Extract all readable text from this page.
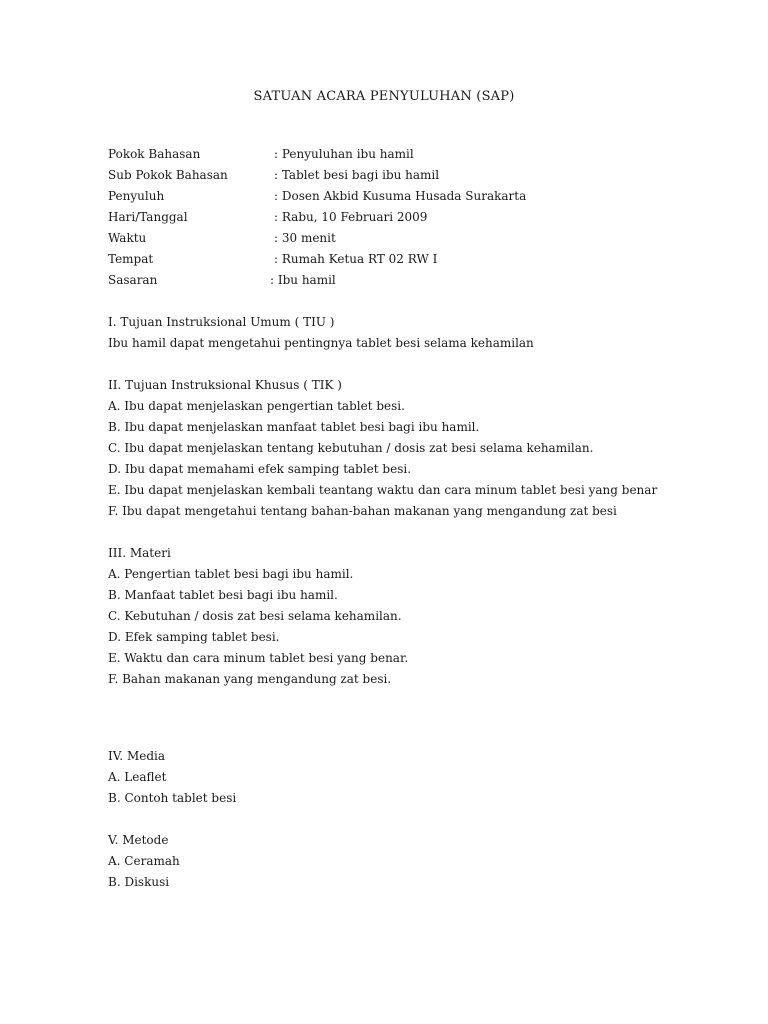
SATUAN ACARA PENYULUHAN (SAP)
Pokok Bahasan	: Penyuluhan ibu hamil
Sub Pokok Bahasan	: Tablet besi bagi ibu hamil
Penyuluh	: Dosen Akbid Kusuma Husada Surakarta
Hari/Tanggal	: Rabu, 10 Februari 2009
Waktu	: 30 menit
Tempat	: Rumah Ketua RT 02 RW I
Sasaran	: Ibu hamil
I. Tujuan Instruksional Umum ( TIU )
Ibu hamil dapat mengetahui pentingnya tablet besi selama kehamilan
II. Tujuan Instruksional Khusus ( TIK )
A. Ibu dapat menjelaskan pengertian tablet besi.
B. Ibu dapat menjelaskan manfaat tablet besi bagi ibu hamil.
C. Ibu dapat menjelaskan tentang kebutuhan / dosis zat besi selama kehamilan.
D. Ibu dapat memahami efek samping tablet besi.
E. Ibu dapat menjelaskan kembali teantang waktu dan cara minum tablet besi yang benar
F. Ibu dapat mengetahui tentang bahan-bahan makanan yang mengandung zat besi
III. Materi
A. Pengertian tablet besi bagi ibu hamil.
B. Manfaat tablet besi bagi ibu hamil.
C. Kebutuhan / dosis zat besi selama kehamilan.
D. Efek samping tablet besi.
E. Waktu dan cara minum tablet besi yang benar.
F. Bahan makanan yang mengandung zat besi.
IV. Media
A. Leaflet
B. Contoh tablet besi
V. Metode
A. Ceramah
B. Diskusi
